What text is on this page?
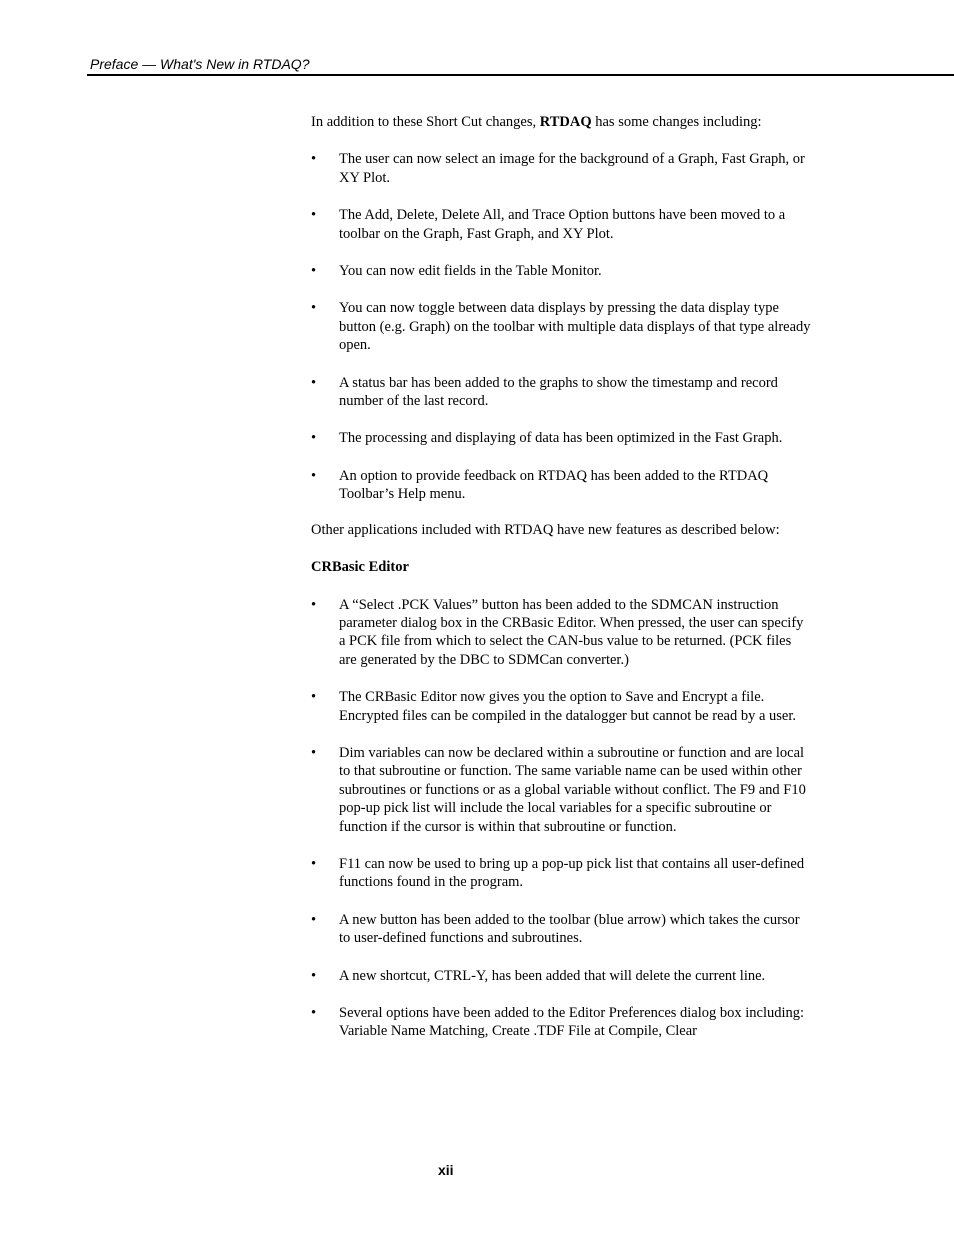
Preface — What's New in RTDAQ?

In addition to these Short Cut changes, RTDAQ has some changes including:

• The user can now select an image for the background of a Graph, Fast Graph, or XY Plot.
• The Add, Delete, Delete All, and Trace Option buttons have been moved to a toolbar on the Graph, Fast Graph, and XY Plot.
• You can now edit fields in the Table Monitor.
• You can now toggle between data displays by pressing the data display type button (e.g. Graph) on the toolbar with multiple data displays of that type already open.
• A status bar has been added to the graphs to show the timestamp and record number of the last record.
• The processing and displaying of data has been optimized in the Fast Graph.
• An option to provide feedback on RTDAQ has been added to the RTDAQ Toolbar’s Help menu.

Other applications included with RTDAQ have new features as described below:

CRBasic Editor
• A “Select .PCK Values” button has been added to the SDMCAN instruction parameter dialog box in the CRBasic Editor. When pressed, the user can specify a PCK file from which to select the CAN-bus value to be returned. (PCK files are generated by the DBC to SDMCan converter.)
• The CRBasic Editor now gives you the option to Save and Encrypt a file. Encrypted files can be compiled in the datalogger but cannot be read by a user.
• Dim variables can now be declared within a subroutine or function and are local to that subroutine or function. The same variable name can be used within other subroutines or functions or as a global variable without conflict. The F9 and F10 pop-up pick list will include the local variables for a specific subroutine or function if the cursor is within that subroutine or function.
• F11 can now be used to bring up a pop-up pick list that contains all user-defined functions found in the program.
• A new button has been added to the toolbar (blue arrow) which takes the cursor to user-defined functions and subroutines.
• A new shortcut, CTRL-Y, has been added that will delete the current line.
• Several options have been added to the Editor Preferences dialog box including: Variable Name Matching, Create .TDF File at Compile, Clear
xii
